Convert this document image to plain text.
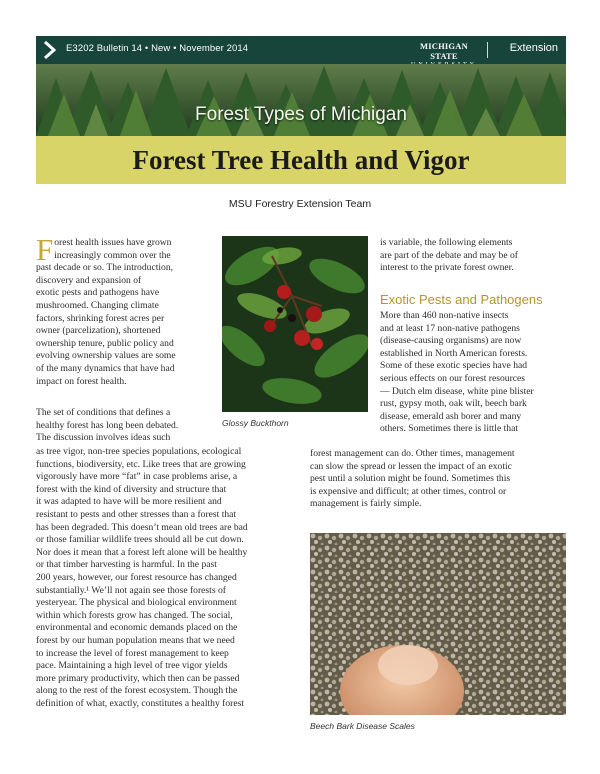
E3202 Bulletin 14 • New • November 2014	MICHIGAN STATE
Extension
Forest Types of Michigan
Forest Tree Health and Vigor
MSU Forestry Extension Team
F orest health issues have grown
increasingly common over the
past decade or so. The introduction,
discovery and expansion of
exotic pests and pathogens have
mushroomed. Changing climate
factors, shrinking forest acres per
owner (parcelization), shortened
ownership tenure, public policy and
evolving ownership values are some
of the many dynamics that have had
impact on forest health.
The set of conditions that defines a
healthy forest has long been debated.
The discussion involves ideas such
as tree vigor, non-tree species populations, ecological
functions, biodiversity, etc. Like trees that are growing
vigorously have more “fat” in case problems arise, a
forest with the kind of diversity and structure that
it was adapted to have will be more resilient and
resistant to pests and other stresses than a forest that
has been degraded. This doesn’t mean old trees are bad
or those familiar wildlife trees should all be cut down.
Nor does it mean that a forest left alone will be healthy
or that timber harvesting is harmful. In the past
200 years, however, our forest resource has changed
substantially.¹ We’ll not again see those forests of
yesteryear. The physical and biological environment
within which forests grow has changed. The social,
environmental and economic demands placed on the
forest by our human population means that we need
to increase the level of forest management to keep
pace. Maintaining a high level of tree vigor yields
more primary productivity, which then can be passed
along to the rest of the forest ecosystem. Though the
definition of what, exactly, constitutes a healthy forest
Glossy Buckthorn
is variable, the following elements
are part of the debate and may be of
interest to the private forest owner.
Exotic Pests and Pathogens
More than 460 non-native insects
and at least 17 non-native pathogens
(disease-causing organisms) are now
established in North American forests.
Some of these exotic species have had
serious effects on our forest resources
— Dutch elm disease, white pine blister
rust, gypsy moth, oak wilt, beech bark
disease, emerald ash borer and many
others. Sometimes there is little that
forest management can do. Other times, management
can slow the spread or lessen the impact of an exotic
pest until a solution might be found. Sometimes this
is expensive and difficult; at other times, control or
management is fairly simple.
Beech Bark Disease Scales
